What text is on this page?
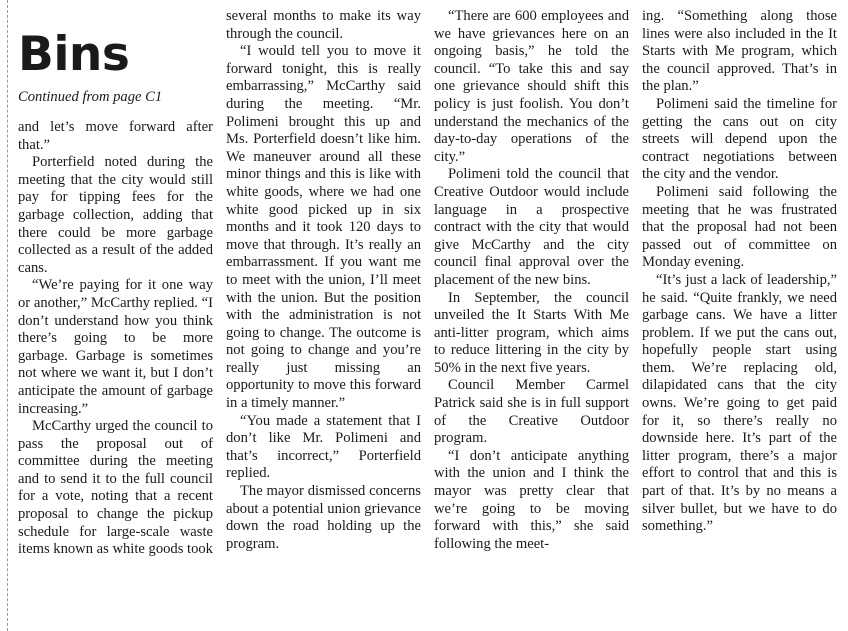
Bins
Continued from page C1

and let’s move forward after that.”

Porterfield noted during the meeting that the city would still pay for tipping fees for the garbage collection, adding that there could be more garbage collected as a result of the added cans.

“We’re paying for it one way or another,” McCarthy replied. “I don’t understand how you think there’s going to be more garbage. Garbage is sometimes not where we want it, but I don’t anticipate the amount of garbage increasing.”

McCarthy urged the council to pass the proposal out of committee during the meeting and to send it to the full council for a vote, noting that a recent proposal to change the pickup schedule for large-scale waste items known as white goods took

several months to make its way through the council.

“I would tell you to move it forward tonight, this is really embarrassing,” McCarthy said during the meeting. “Mr. Polimeni brought this up and Ms. Porterfield doesn’t like him. We maneuver around all these minor things and this is like with white goods, where we had one white good picked up in six months and it took 120 days to move that through. It’s really an embarrassment. If you want me to meet with the union, I’ll meet with the union. But the position with the administration is not going to change. The outcome is not going to change and you’re really just missing an opportunity to move this forward in a timely manner.”

“You made a statement that I don’t like Mr. Polimeni and that’s incorrect,” Porterfield replied.

The mayor dismissed concerns about a potential union grievance down the road holding up the program.

“There are 600 employees and we have grievances here on an ongoing basis,” he told the council. “To take this and say one grievance should shift this policy is just foolish. You don’t understand the mechanics of the day-to-day operations of the city.”

Polimeni told the council that Creative Outdoor would include language in a prospective contract with the city that would give McCarthy and the city council final approval over the placement of the new bins.

In September, the council unveiled the It Starts With Me anti-litter program, which aims to reduce littering in the city by 50% in the next five years.

Council Member Carmel Patrick said she is in full support of the Creative Outdoor program.

“I don’t anticipate anything with the union and I think the mayor was pretty clear that we’re going to be moving forward with this,” she said following the meet-

ing. “Something along those lines were also included in the It Starts with Me program, which the council approved. That’s in the plan.”

Polimeni said the timeline for getting the cans out on city streets will depend upon the contract negotiations between the city and the vendor.

Polimeni said following the meeting that he was frustrated that the proposal had not been passed out of committee on Monday evening.

“It’s just a lack of leadership,” he said. “Quite frankly, we need garbage cans. We have a litter problem. If we put the cans out, hopefully people start using them. We’re replacing old, dilapidated cans that the city owns. We’re going to get paid for it, so there’s really no downside here. It’s part of the litter program, there’s a major effort to control that and this is part of that. It’s by no means a silver bullet, but we have to do something.”
